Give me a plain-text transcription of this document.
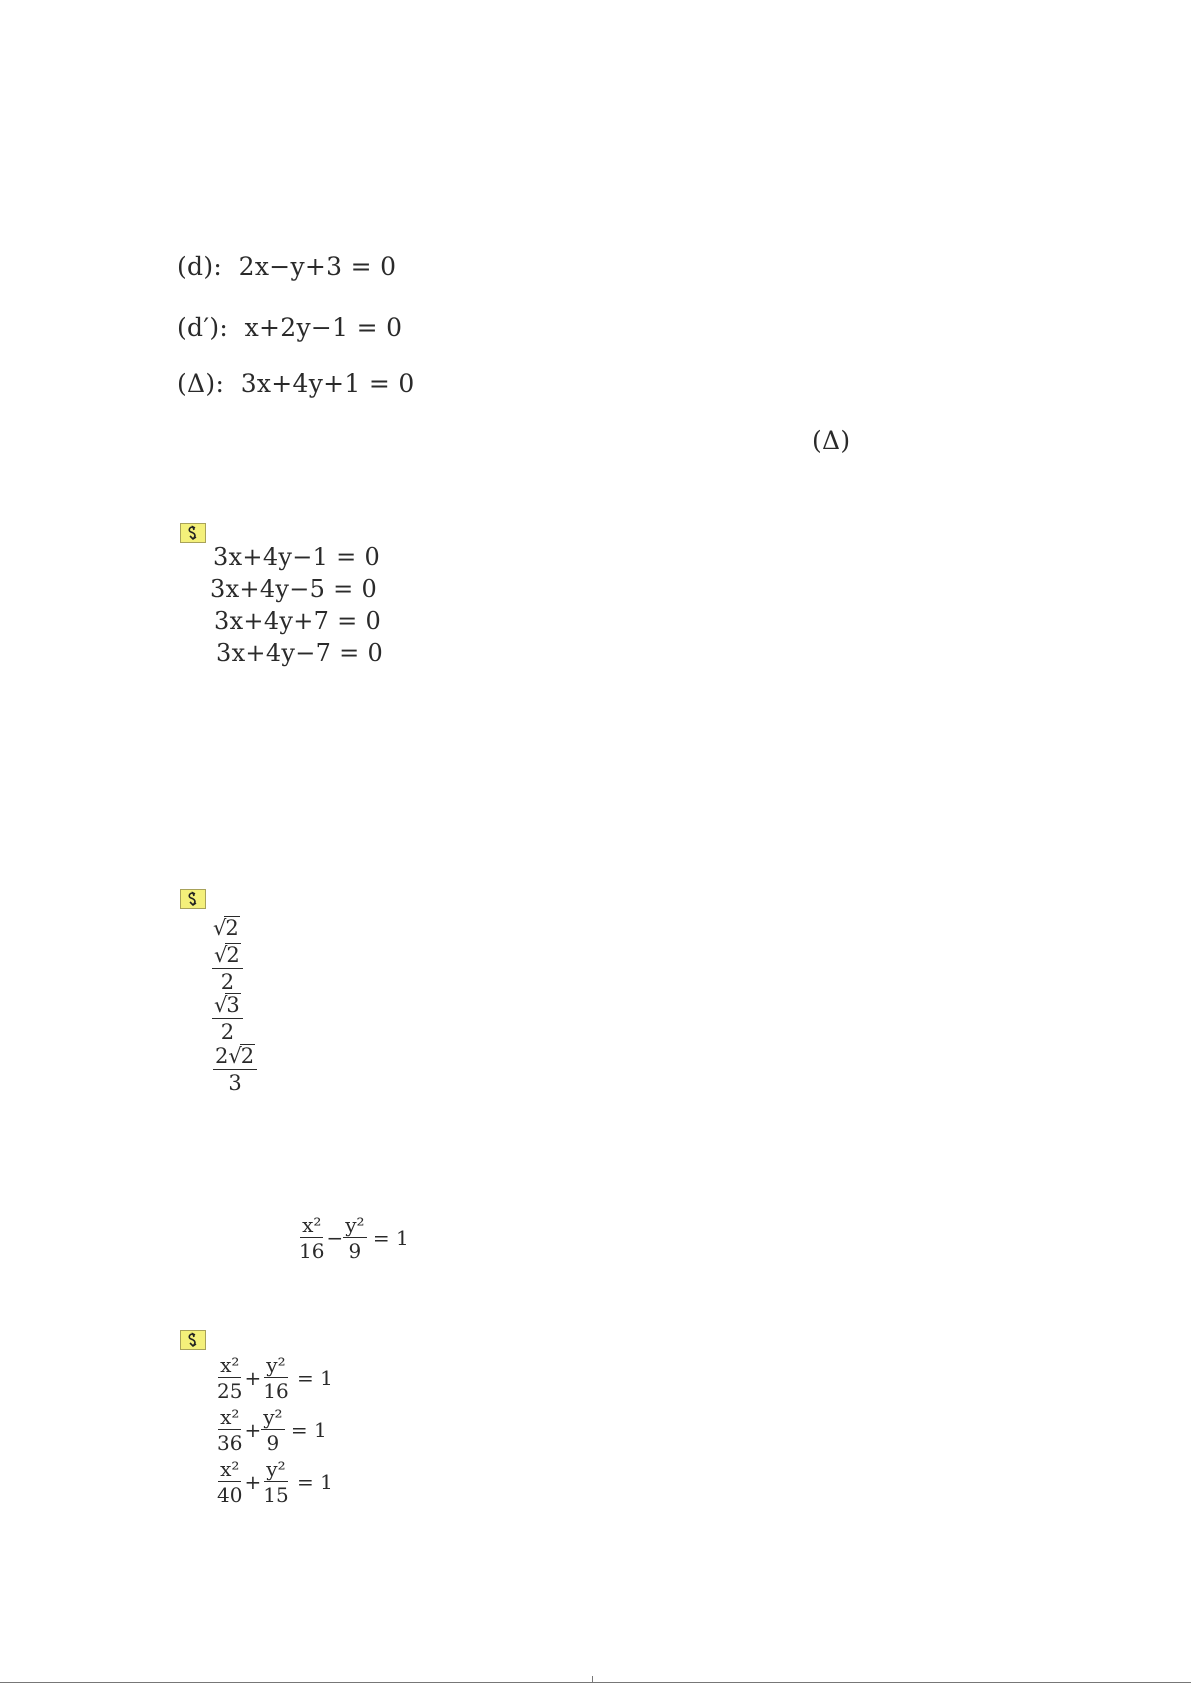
(d): 2x−y+3 = 0
(d′): x+2y−1 = 0
(Δ): 3x+4y+1 = 0
(Δ)
3x+4y−1 = 0
3x+4y−5 = 0
3x+4y+7 = 0
3x+4y−7 = 0
√2
$\frac{√2}{2}$
$\frac{√3}{2}$
$\frac{2√2}{3}$
$\frac{\text{x²}}{16} - \frac{\text{y²}}{9} = 1$
$\frac{\text{x²}}{25} + \frac{\text{y²}}{16} = 1$
$\frac{\text{x²}}{36} + \frac{\text{y²}}{9} = 1$
$\frac{\text{x²}}{40} + \frac{\text{y²}}{15} = 1$
